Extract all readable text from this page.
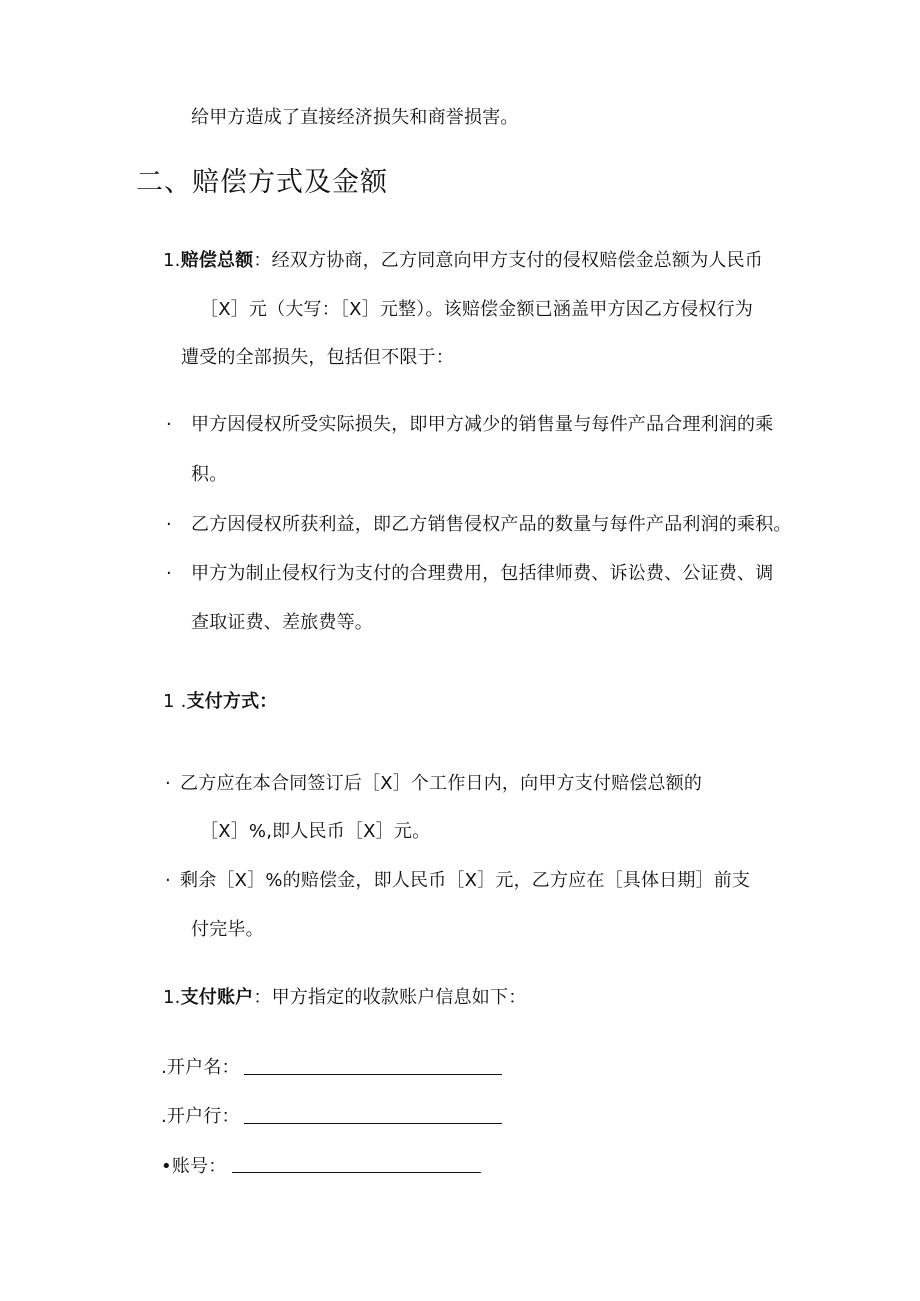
给甲方造成了直接经济损失和商誉损害。
二、赔偿方式及金额
1.赔偿总额：经双方协商，乙方同意向甲方支付的侵权赔偿金总额为人民币
［X］元（大写：［X］元整）。该赔偿金额已涵盖甲方因乙方侵权行为
遭受的全部损失，包括但不限于：
· 甲方因侵权所受实际损失，即甲方减少的销售量与每件产品合理利润的乘
积。
· 乙方因侵权所获利益，即乙方销售侵权产品的数量与每件产品利润的乘积。
· 甲方为制止侵权行为支付的合理费用，包括律师费、诉讼费、公证费、调
查取证费、差旅费等。
1 .支付方式：
· 乙方应在本合同签订后［X］个工作日内，向甲方支付赔偿总额的
［X］%,即人民币［X］元。
· 剩余［X］%的赔偿金，即人民币［X］元，乙方应在［具体日期］前支
付完毕。
1.支付账户：甲方指定的收款账户信息如下：
.开户名：
.开户行：
•账号：
